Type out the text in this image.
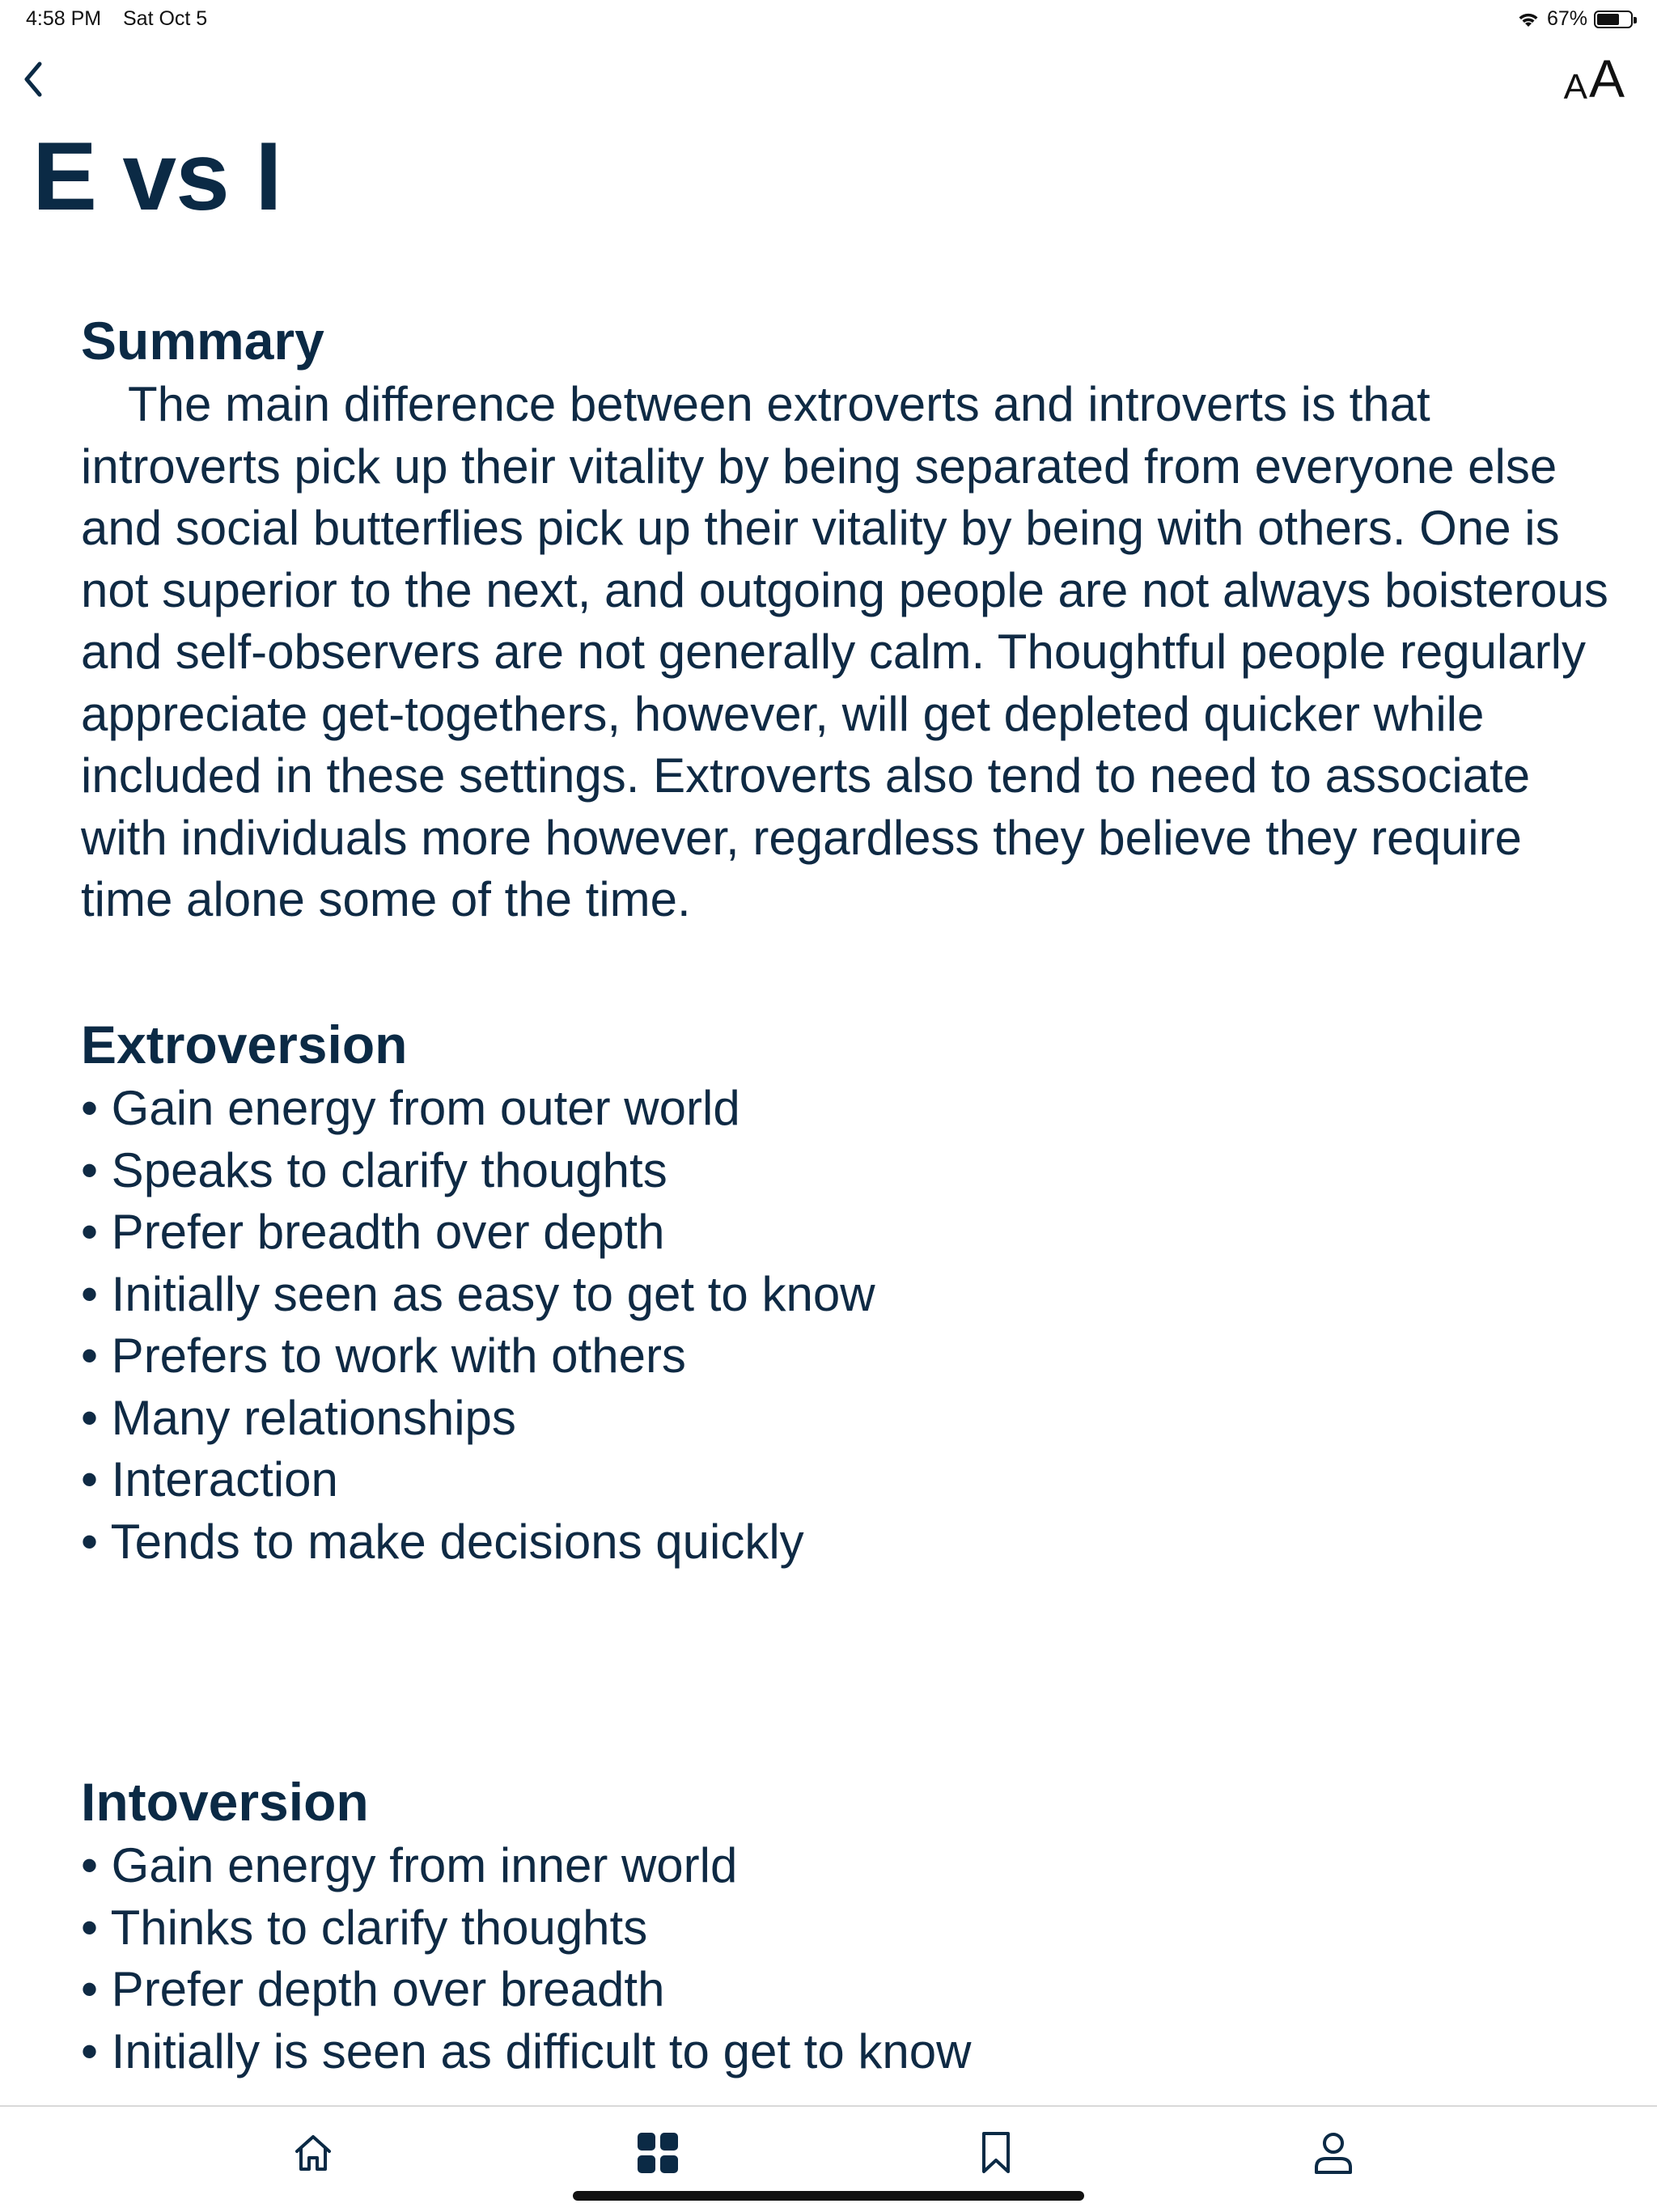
4:58 PM Sat Oct 5	67%
A A
E vs I
Summary

The main difference between extroverts and introverts is that introverts pick up their vitality by being separated from everyone else and social butterflies pick up their vitality by being with others. One is not superior to the next, and outgoing people are not always boisterous and self-observers are not generally calm. Thoughtful people regularly appreciate get-togethers, however, will get depleted quicker while included in these settings. Extroverts also tend to need to associate with individuals more however, regardless they believe they require time alone some of the time.

Extroversion
• Gain energy from outer world
• Speaks to clarify thoughts
• Prefer breadth over depth
• Initially seen as easy to get to know
• Prefers to work with others
• Many relationships
• Interaction
• Tends to make decisions quickly
Intoversion
• Gain energy from inner world
• Thinks to clarify thoughts
• Prefer depth over breadth
• Initially is seen as difficult to get to know
